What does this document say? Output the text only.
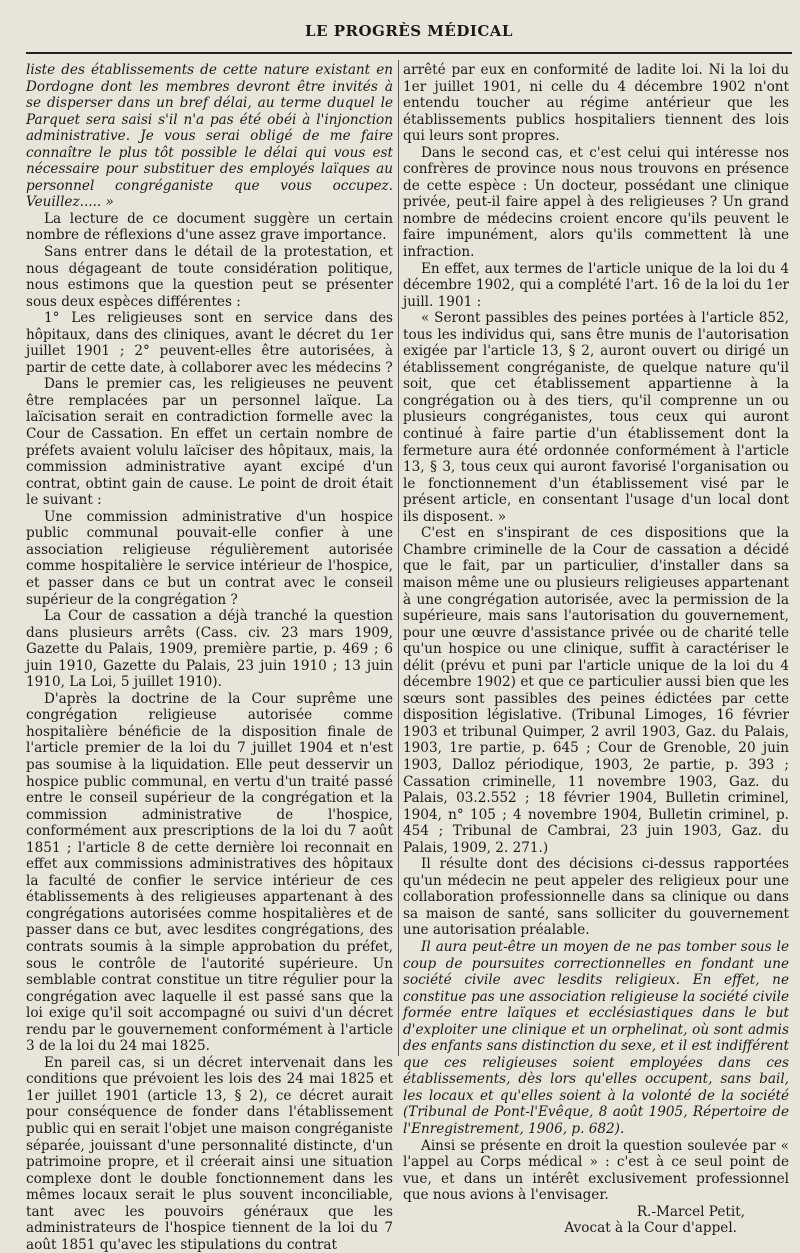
LE PROGRÈS MÉDICAL

liste des établissements de cette nature existant en Dordogne dont les membres devront être invités à se disperser dans un bref délai, au terme duquel le Parquet sera saisi s'il n'a pas été obéi à l'injonction administrative. Je vous serai obligé de me faire connaître le plus tôt possible le délai qui vous est nécessaire pour substituer des employés laïques au personnel congréganiste que vous occupez. Veuillez..... »

La lecture de ce document suggère un certain nombre de réflexions d'une assez grave importance.

Sans entrer dans le détail de la protestation, et nous dégageant de toute considération politique, nous estimons que la question peut se présenter sous deux espèces différentes :

1° Les religieuses sont en service dans des hôpitaux, dans des cliniques, avant le décret du 1er juillet 1901 ; 2° peuvent-elles être autorisées, à partir de cette date, à collaborer avec les médecins ?

Dans le premier cas, les religieuses ne peuvent être remplacées par un personnel laïque. La laïcisation serait en contradiction formelle avec la Cour de Cassation. En effet un certain nombre de préfets avaient volulu laïciser des hôpitaux, mais, la commission administrative ayant excipé d'un contrat, obtint gain de cause. Le point de droit était le suivant :

Une commission administrative d'un hospice public communal pouvait-elle confier à une association religieuse régulièrement autorisée comme hospitalière le service intérieur de l'hospice, et passer dans ce but un contrat avec le conseil supérieur de la congrégation ?

La Cour de cassation a déjà tranché la question dans plusieurs arrêts (Cass. civ. 23 mars 1909, Gazette du Palais, 1909, première partie, p. 469 ; 6 juin 1910, Gazette du Palais, 23 juin 1910 ; 13 juin 1910, La Loi, 5 juillet 1910).

D'après la doctrine de la Cour suprême une congrégation religieuse autorisée comme hospitalière bénéficie de la disposition finale de l'article premier de la loi du 7 juillet 1904 et n'est pas soumise à la liquidation. Elle peut desservir un hospice public communal, en vertu d'un traité passé entre le conseil supérieur de la congrégation et la commission administrative de l'hospice, conformément aux prescriptions de la loi du 7 août 1851 ; l'article 8 de cette dernière loi reconnait en effet aux commissions administratives des hôpitaux la faculté de confier le service intérieur de ces établissements à des religieuses appartenant à des congrégations autorisées comme hospitalières et de passer dans ce but, avec lesdites congrégations, des contrats soumis à la simple approbation du préfet, sous le contrôle de l'autorité supérieure. Un semblable contrat constitue un titre régulier pour la congrégation avec laquelle il est passé sans que la loi exige qu'il soit accompagné ou suivi d'un décret rendu par le gouvernement conformément à l'article 3 de la loi du 24 mai 1825.

En pareil cas, si un décret intervenait dans les conditions que prévoient les lois des 24 mai 1825 et 1er juillet 1901 (article 13, § 2), ce décret aurait pour conséquence de fonder dans l'établissement public qui en serait l'objet une maison congréganiste séparée, jouissant d'une personnalité distincte, d'un patrimoine propre, et il créerait ainsi une situation complexe dont le double fonctionnement dans les mêmes locaux serait le plus souvent inconciliable, tant avec les pouvoirs généraux que les administrateurs de l'hospice tiennent de la loi du 7 août 1851 qu'avec les stipulations du contrat

arrêté par eux en conformité de ladite loi. Ni la loi du 1er juillet 1901, ni celle du 4 décembre 1902 n'ont entendu toucher au régime antérieur que les établissements publics hospitaliers tiennent des lois qui leurs sont propres.

Dans le second cas, et c'est celui qui intéresse nos confrères de province nous nous trouvons en présence de cette espèce : Un docteur, possédant une clinique privée, peut-il faire appel à des religieuses ? Un grand nombre de médecins croient encore qu'ils peuvent le faire impunément, alors qu'ils commettent là une infraction.

En effet, aux termes de l'article unique de la loi du 4 décembre 1902, qui a complété l'art. 16 de la loi du 1er juill. 1901 :

« Seront passibles des peines portées à l'article 852, tous les individus qui, sans être munis de l'autorisation exigée par l'article 13, § 2, auront ouvert ou dirigé un établissement congréganiste, de quelque nature qu'il soit, que cet établissement appartienne à la congrégation ou à des tiers, qu'il comprenne un ou plusieurs congréganistes, tous ceux qui auront continué à faire partie d'un établissement dont la fermeture aura été ordonnée conformément à l'article 13, § 3, tous ceux qui auront favorisé l'organisation ou le fonctionnement d'un établissement visé par le présent article, en consentant l'usage d'un local dont ils disposent. »

C'est en s'inspirant de ces dispositions que la Chambre criminelle de la Cour de cassation a décidé que le fait, par un particulier, d'installer dans sa maison même une ou plusieurs religieuses appartenant à une congrégation autorisée, avec la permission de la supérieure, mais sans l'autorisation du gouvernement, pour une œuvre d'assistance privée ou de charité telle qu'un hospice ou une clinique, suffit à caractériser le délit (prévu et puni par l'article unique de la loi du 4 décembre 1902) et que ce particulier aussi bien que les sœurs sont passibles des peines édictées par cette disposition législative. (Tribunal Limoges, 16 février 1903 et tribunal Quimper, 2 avril 1903, Gaz. du Palais, 1903, 1re partie, p. 645 ; Cour de Grenoble, 20 juin 1903, Dalloz périodique, 1903, 2e partie, p. 393 ; Cassation criminelle, 11 novembre 1903, Gaz. du Palais, 03.2.552 ; 18 février 1904, Bulletin criminel, 1904, n° 105 ; 4 novembre 1904, Bulletin criminel, p. 454 ; Tribunal de Cambrai, 23 juin 1903, Gaz. du Palais, 1909, 2. 271.)

Il résulte dont des décisions ci-dessus rapportées qu'un médecin ne peut appeler des religieux pour une collaboration professionnelle dans sa clinique ou dans sa maison de santé, sans solliciter du gouvernement une autorisation préalable.

Il aura peut-être un moyen de ne pas tomber sous le coup de poursuites correctionnelles en fondant une société civile avec lesdits religieux. En effet, ne constitue pas une association religieuse la société civile formée entre laïques et ecclésiastiques dans le but d'exploiter une clinique et un orphelinat, où sont admis des enfants sans distinction du sexe, et il est indifférent que ces religieuses soient employées dans ces établissements, dès lors qu'elles occupent, sans bail, les locaux et qu'elles soient à la volonté de la société (Tribunal de Pont-l'Evêque, 8 août 1905, Répertoire de l'Enregistrement, 1906, p. 682).

Ainsi se présente en droit la question soulevée par « l'appel au Corps médical » : c'est à ce seul point de vue, et dans un intérêt exclusivement professionnel que nous avions à l'envisager.

R.-Marcel Petit,

Avocat à la Cour d'appel.
